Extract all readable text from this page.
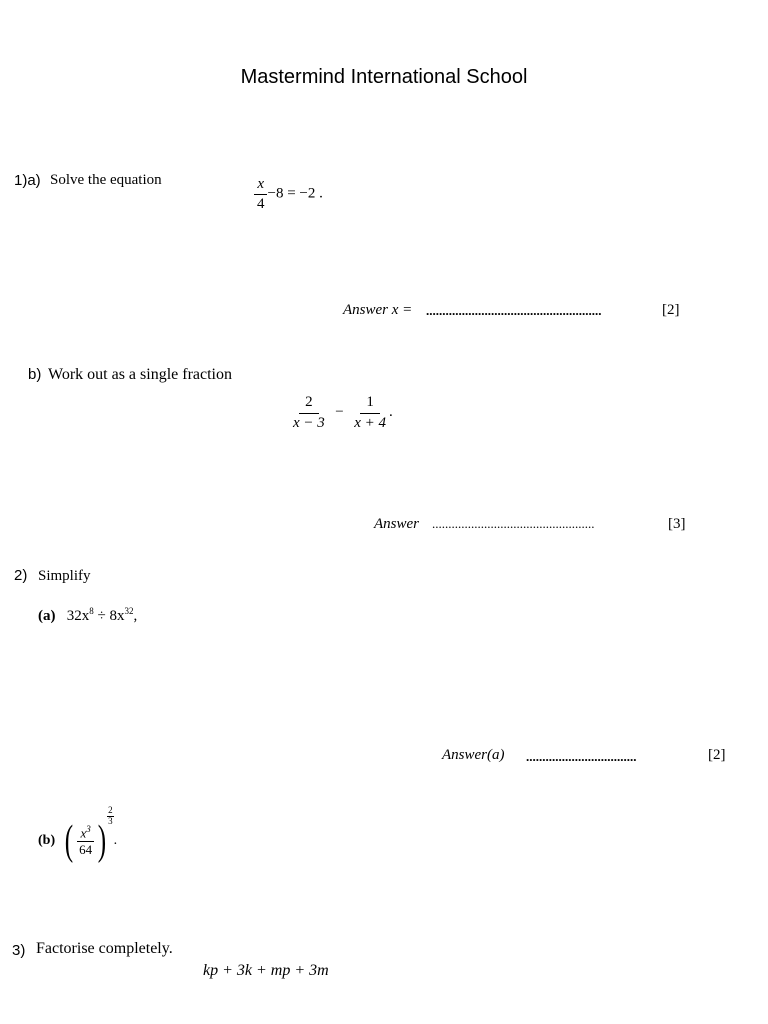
Mastermind International School
1)a) Solve the equation	$\frac{x}{4} -8 = -2$ .
Answer x = ......................................................	[2]
b) Work out as a single fraction
$\frac{2}{x - 3} - \frac{1}{x + 4}$ .
Answer ..................................................	[3]
2) Simplify
(a) $32x^8 \div 8x^{32}$,
Answer(a) ..................................	[2]
(b)
( $\frac{x^3}{64}$ )
$\frac{2}{3}$
.
3) Factorise completely.
kp + 3k + mp + 3m
